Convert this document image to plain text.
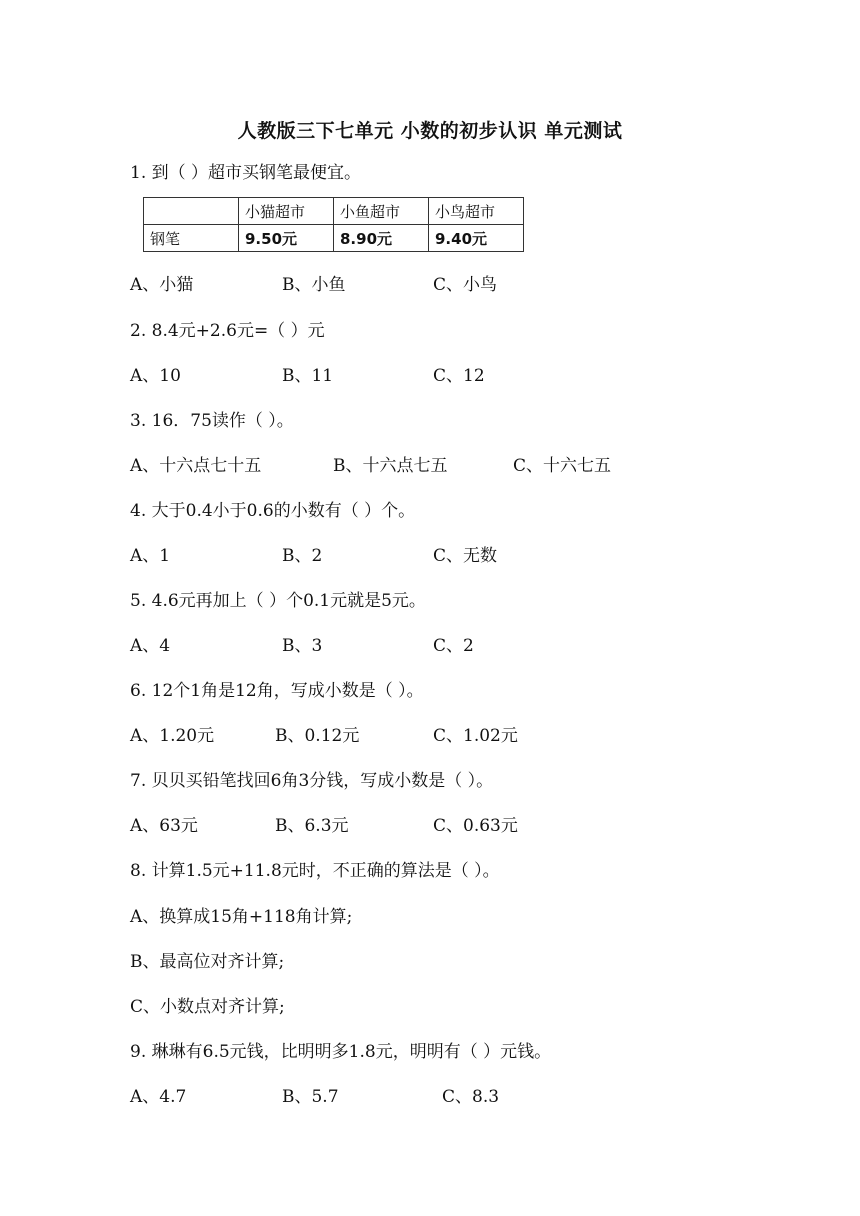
人教版三下七单元 小数的初步认识 单元测试
1. 到（ ）超市买钢笔最便宜。
	小猫超市	小鱼超市	小鸟超市
钢笔	9.50元	8.90元	9.40元
A、小猫	B、小鱼	C、小鸟
2. 8.4元+2.6元=（ ）元
A、10	B、11	C、12
3. 16．75读作（ ）。
A、十六点七十五	B、十六点七五	C、十六七五
4. 大于0.4小于0.6的小数有（ ）个。
A、1	B、2	C、无数
5. 4.6元再加上（ ）个0.1元就是5元。
A、4	B、3	C、2
6. 12个1角是12角，写成小数是（ ）。
A、1.20元	B、0.12元	C、1.02元
7. 贝贝买铅笔找回6角3分钱，写成小数是（ ）。
A、63元	B、6.3元	C、0.63元
8. 计算1.5元+11.8元时，不正确的算法是（ ）。
A、换算成15角+118角计算;
B、最高位对齐计算;
C、小数点对齐计算;
9. 琳琳有6.5元钱，比明明多1.8元，明明有（ ）元钱。
A、4.7	B、5.7	C、8.3
